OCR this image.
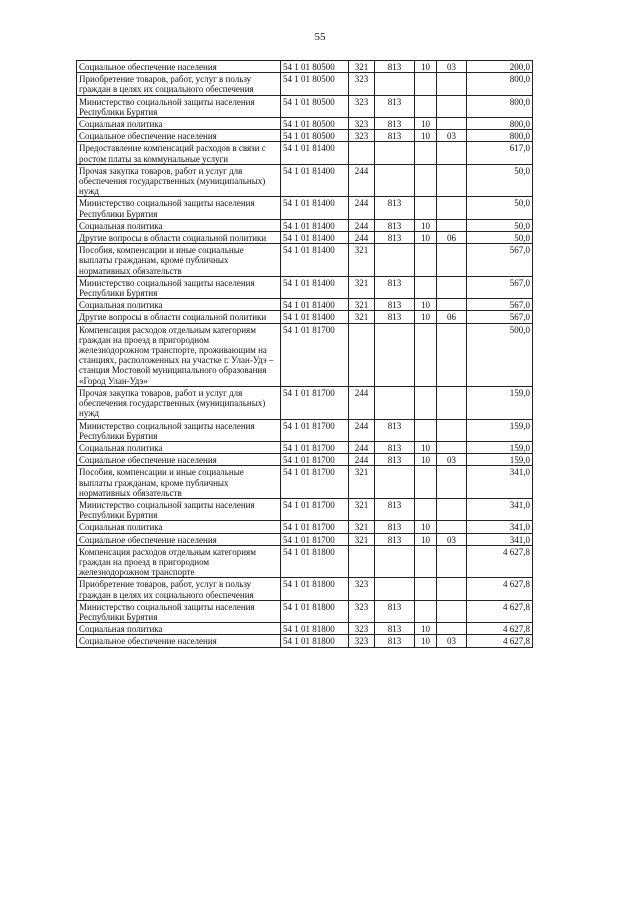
55
Социальное обеспечение населения	54 1 01 80500	321	813	10	03	200,0
Приобретение товаров, работ, услуг в пользу граждан в целях их социального обеспечения	54 1 01 80500	323				800,0
Министерство социальной защиты населения Республики Бурятия	54 1 01 80500	323	813			800,0
Социальная политика	54 1 01 80500	323	813	10		800,0
Социальное обеспечение населения	54 1 01 80500	323	813	10	03	800,0
Предоставление компенсаций расходов в связи с ростом платы за коммунальные услуги	54 1 01 81400					617,0
Прочая закупка товаров, работ и услуг для обеспечения государственных (муниципальных) нужд	54 1 01 81400	244				50,0
Министерство социальной защиты населения Республики Бурятия	54 1 01 81400	244	813			50,0
Социальная политика	54 1 01 81400	244	813	10		50,0
Другие вопросы в области социальной политики	54 1 01 81400	244	813	10	06	50,0
Пособия, компенсации и иные социальные выплаты гражданам, кроме публичных нормативных обязательств	54 1 01 81400	321				567,0
Министерство социальной защиты населения Республики Бурятия	54 1 01 81400	321	813			567,0
Социальная политика	54 1 01 81400	321	813	10		567,0
Другие вопросы в области социальной политики	54 1 01 81400	321	813	10	06	567,0
Компенсация расходов отдельным категориям граждан на проезд в пригородном железнодорожном транспорте, проживающим на станциях, расположенных на участке г. Улан-Удэ – станция Мостовой муниципального образования «Город Улан-Удэ»	54 1 01 81700					500,0
Прочая закупка товаров, работ и услуг для обеспечения государственных (муниципальных) нужд	54 1 01 81700	244				159,0
Министерство социальной защиты населения Республики Бурятия	54 1 01 81700	244	813			159,0
Социальная политика	54 1 01 81700	244	813	10		159,0
Социальное обеспечение населения	54 1 01 81700	244	813	10	03	159,0
Пособия, компенсации и иные социальные выплаты гражданам, кроме публичных нормативных обязательств	54 1 01 81700	321				341,0
Министерство социальной защиты населения Республики Бурятия	54 1 01 81700	321	813			341,0
Социальная политика	54 1 01 81700	321	813	10		341,0
Социальное обеспечение населения	54 1 01 81700	321	813	10	03	341,0
Компенсация расходов отдельным категориям граждан на проезд в пригородном железнодорожном транспорте	54 1 01 81800					4 627,8
Приобретение товаров, работ, услуг в пользу граждан в целях их социального обеспечения	54 1 01 81800	323				4 627,8
Министерство социальной защиты населения Республики Бурятия	54 1 01 81800	323	813			4 627,8
Социальная политика	54 1 01 81800	323	813	10		4 627,8
Социальное обеспечение населения	54 1 01 81800	323	813	10	03	4 627,8
